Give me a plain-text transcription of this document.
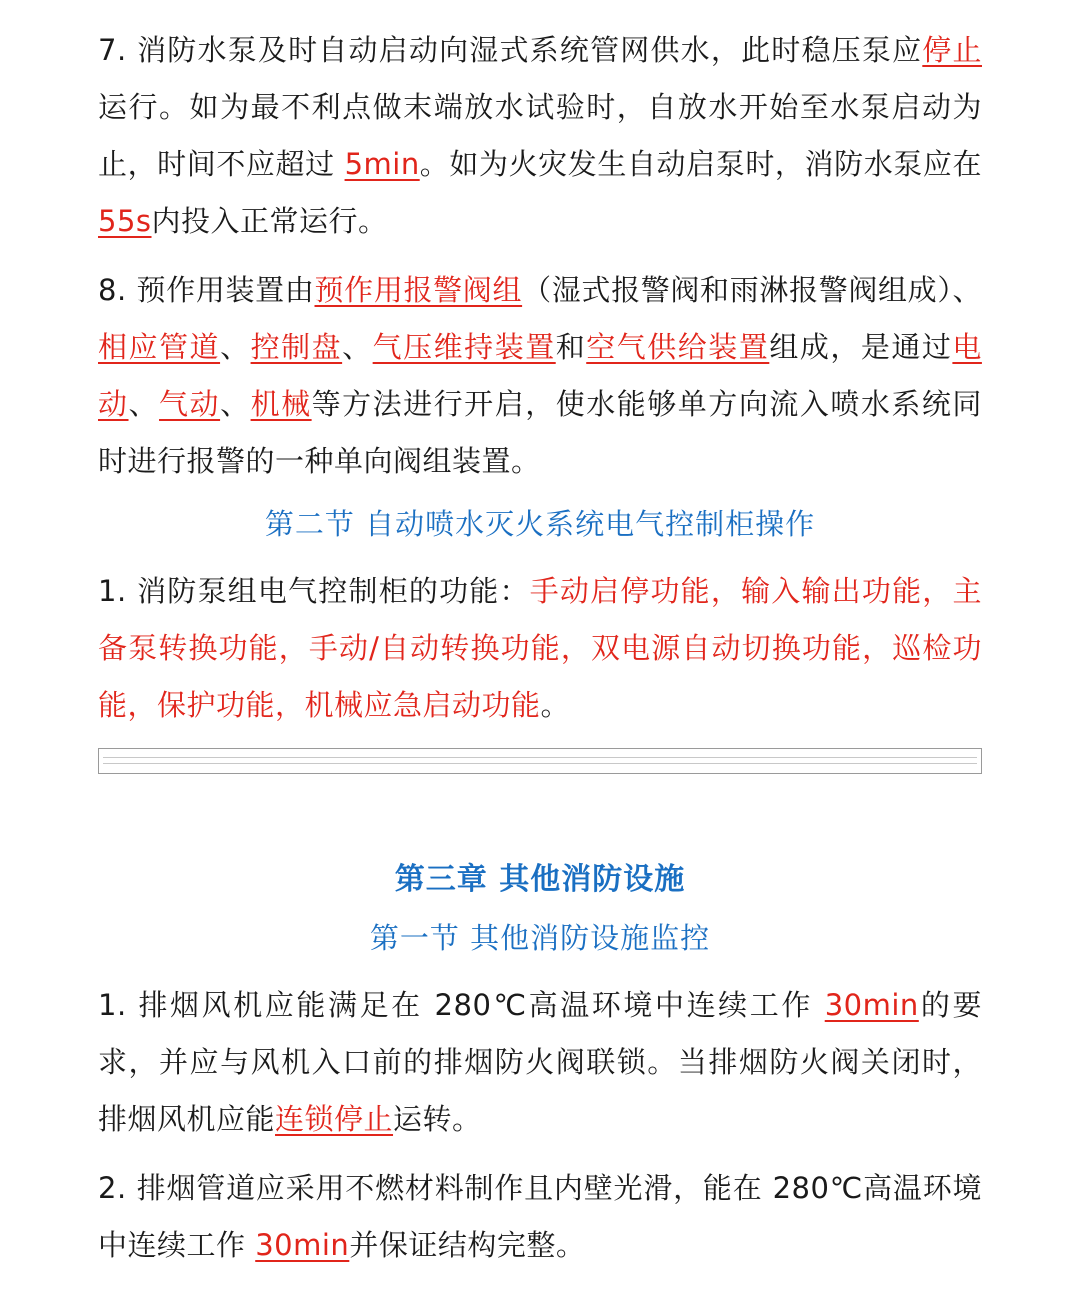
7. 消防水泵及时自动启动向湿式系统管网供水，此时稳压泵应停止运行。如为最不利点做末端放水试验时，自放水开始至水泵启动为止，时间不应超过 5min。如为火灾发生自动启泵时，消防水泵应在 55s内投入正常运行。

8. 预作用装置由预作用报警阀组（湿式报警阀和雨淋报警阀组成）、相应管道、控制盘、气压维持装置和空气供给装置组成，是通过电动、气动、机械等方法进行开启，使水能够单方向流入喷水系统同时进行报警的一种单向阀组装置。

第二节 自动喷水灭火系统电气控制柜操作

1. 消防泵组电气控制柜的功能：手动启停功能，输入输出功能，主备泵转换功能，手动/自动转换功能，双电源自动切换功能，巡检功能，保护功能，机械应急启动功能。

第三章 其他消防设施
第一节 其他消防设施监控

1. 排烟风机应能满足在 280℃高温环境中连续工作 30min的要求，并应与风机入口前的排烟防火阀联锁。当排烟防火阀关闭时，排烟风机应能连锁停止运转。

2. 排烟管道应采用不燃材料制作且内壁光滑，能在 280℃高温环境中连续工作 30min并保证结构完整。
